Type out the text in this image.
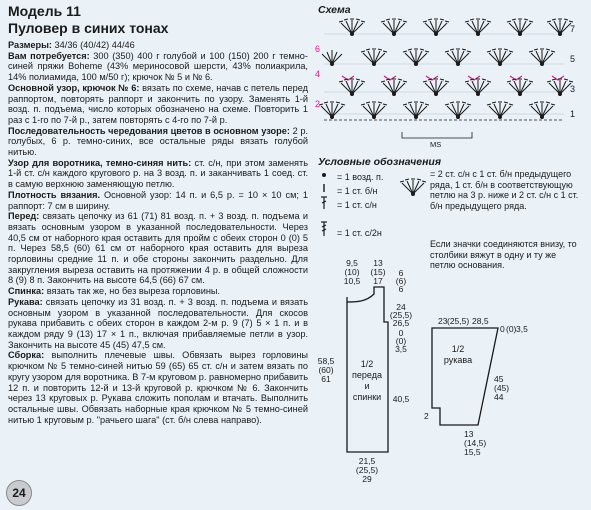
Модель 11
Пуловер в синих тонах

Размеры: 34/36 (40/42) 44/46

Вам потребуется: 300 (350) 400 г голубой и 100 (150) 200 г темно-синей пряжи Boheme (43% мериносовой шерсти, 43% полиакрила, 14% полиамида, 100 м/50 г); крючок № 5 и № 6.

Основной узор, крючок № 6: вязать по схеме, начав с петель перед раппортом, повторять раппорт и закончить по узору. Заменять 1-й возд. п. подъема, число которых обозначено на схеме. Повторить 1 раз с 1-го по 7-й р., затем повторять с 4-го по 7-й р.

Последовательность чередования цветов в основном узоре: 2 р. голубых, 6 р. темно-синих, все остальные ряды вязать голубой нитью.

Узор для воротника, темно-синяя нить: ст. с/н, при этом заменять 1-й ст. с/н каждого кругового р. на 3 возд. п. и заканчивать 1 соед. ст. в самую верхнюю заменяющую петлю.

Плотность вязания. Основной узор: 14 п. и 6,5 р. = 10 × 10 см; 1 раппорт: 7 см в ширину.

Перед: связать цепочку из 61 (71) 81 возд. п. + 3 возд. п. подъема и вязать основным узором в указанной последовательности. Через 40,5 см от наборного края оставить для пройм с обеих сторон 0 (0) 5 п. Через 58,5 (60) 61 см от наборного края оставить для выреза горловины средние 11 п. и обе стороны закончить раздельно. Для закругления выреза оставить на протяжении 4 р. в общей сложности 8 (9) 8 п. Закончить на высоте 64,5 (66) 67 см.

Спинка: вязать так же, но без выреза горловины.

Рукава: связать цепочку из 31 возд. п. + 3 возд. п. подъема и вязать основным узором в указанной последовательности. Для скосов рукава прибавить с обеих сторон в каждом 2-м р. 9 (7) 5 × 1 п. и в каждом ряду 9 (13) 17 × 1 п., включая прибавляемые петли в узор. Закончить на высоте 45 (45) 47,5 см.

Сборка: выполнить плечевые швы. Обвязать вырез горловины крючком № 5 темно-синей нитью 59 (65) 65 ст. с/н и затем вязать по кругу узором для воротника. В 7-м круговом р. равномерно прибавить 12 п. и повторить 12-й и 13-й круговой р. крючком № 6. Закончить через 13 круговых р. Рукава сложить пополам и втачать. Выполнить остальные швы. Обвязать наборные края крючком № 5 темно-синей нитью 1 круговым р. "рачьего шага" (ст. б/н слева направо).

24
Схема
7
5
3
1
6
4
2
MS
Условные обозначения
= 1 возд. п.
= 1 ст. б/н
= 1 ст. с/н
= 1 ст. с/2н
= 2 ст. с/н с 1 ст. б/н предыдущего ряда, 1 ст. б/н в соответствующую петлю на 3 р. ниже и 2 ст. с/н с 1 ст. б/н предыдущего ряда.
Если значки соединяются внизу, то столбики вяжут в одну и ту же петлю основания.
9,5
(10)
10,5
13
(15)
17
6
(6)
6
24
(25,5)
26,5
0
(0)
3,5
58,5
(60)
61
40,5
21,5
(25,5)
29
1/2
переда
и
спинки
23 (25,5) 28,5
0 (0) 3,5
45
(45)
44
2
13
(14,5)
15,5
1/2
рукава
